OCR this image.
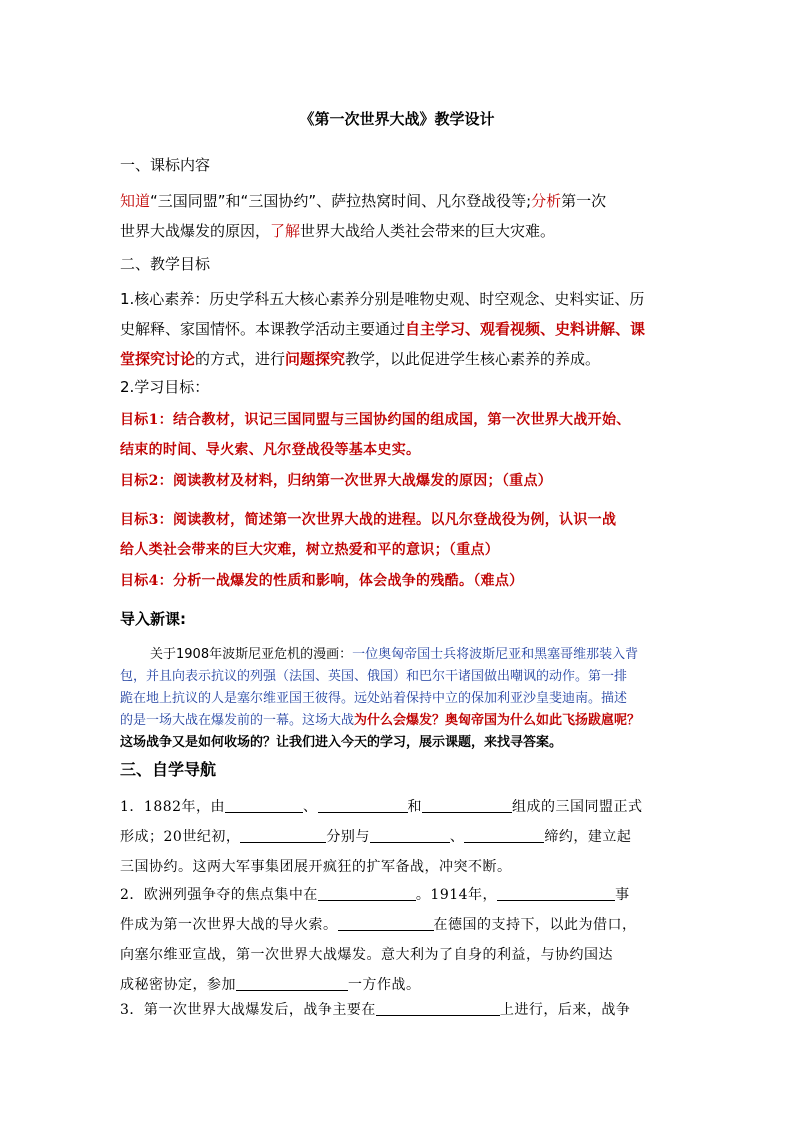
《第一次世界大战》教学设计
一、课标内容
知道“三国同盟”和“三国协约”、萨拉热窝时间、凡尔登战役等;分析第一次
世界大战爆发的原因，了解世界大战给人类社会带来的巨大灾难。
二、教学目标
1.核心素养：历史学科五大核心素养分别是唯物史观、时空观念、史料实证、历
史解释、家国情怀。本课教学活动主要通过自主学习、观看视频、史料讲解、课
堂探究讨论的方式，进行问题探究教学，以此促进学生核心素养的养成。
2.学习目标：
目标1：结合教材，识记三国同盟与三国协约国的组成国，第一次世界大战开始、
结束的时间、导火索、凡尔登战役等基本史实。
目标2：阅读教材及材料，归纳第一次世界大战爆发的原因；（重点）
目标3：阅读教材，简述第一次世界大战的进程。以凡尔登战役为例，认识一战
给人类社会带来的巨大灾难，树立热爱和平的意识；（重点）
目标4：分析一战爆发的性质和影响，体会战争的残酷。（难点）
导入新课:
关于1908年波斯尼亚危机的漫画：一位奥匈帝国士兵将波斯尼亚和黑塞哥维那装入背
包，并且向表示抗议的列强（法国、英国、俄国）和巴尔干诸国做出嘲讽的动作。第一排
跪在地上抗议的人是塞尔维亚国王彼得。远处站着保持中立的保加利亚沙皇斐迪南。描述
的是一场大战在爆发前的一幕。这场大战为什么会爆发？奥匈帝国为什么如此飞扬跋扈呢？
这场战争又是如何收场的？让我们进入今天的学习，展示课题，来找寻答案。
三、自学导航
1．1882年，由	、	和	组成的三国同盟正式
形成；20世纪初，	分别与	、	缔约，建立起
三国协约。这两大军事集团展开疯狂的扩军备战，冲突不断。
2．欧洲列强争夺的焦点集中在	。1914年，	事
件成为第一次世界大战的导火索。	在德国的支持下，以此为借口，
向塞尔维亚宣战，第一次世界大战爆发。意大利为了自身的利益，与协约国达
成秘密协定，参加	一方作战。
3．第一次世界大战爆发后，战争主要在	上进行，后来，战争
